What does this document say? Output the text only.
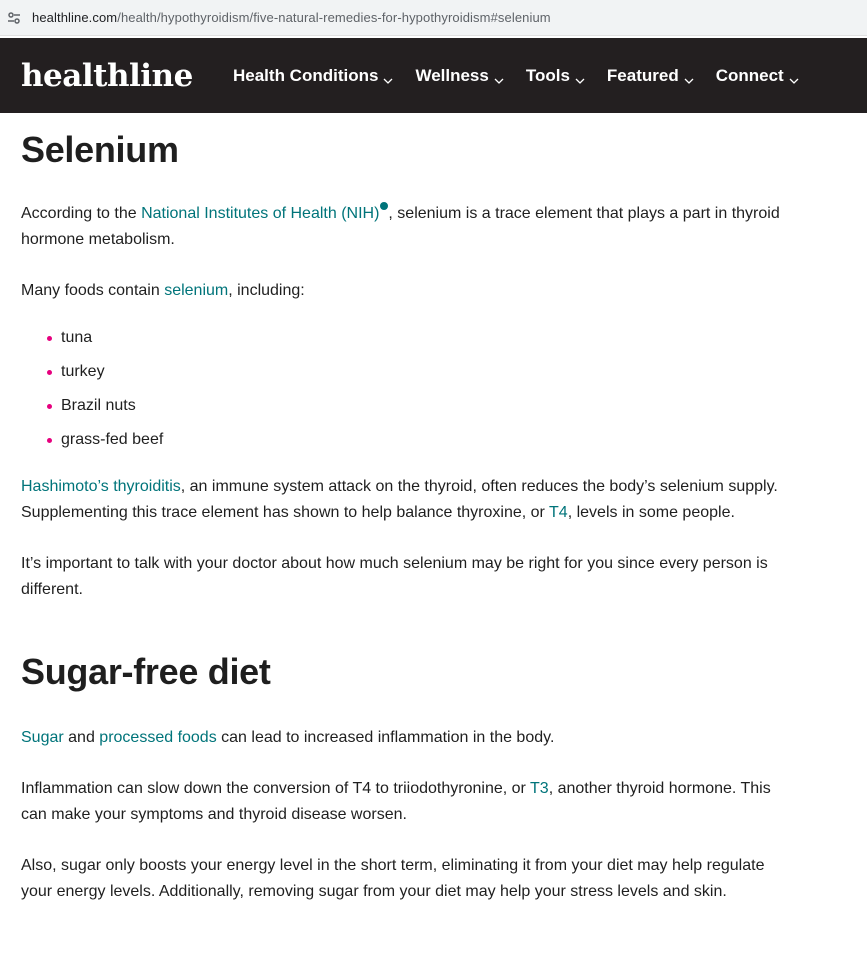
healthline.com/health/hypothyroidism/five-natural-remedies-for-hypothyroidism#selenium
healthline	Health Conditions Wellness Tools Featured Connect
Selenium

According to the National Institutes of Health (NIH) , selenium is a trace element that plays a part in thyroid hormone metabolism.

Many foods contain selenium, including:

tuna
turkey
Brazil nuts
grass-fed beef

Hashimoto’s thyroiditis, an immune system attack on the thyroid, often reduces the body’s selenium supply. Supplementing this trace element has shown to help balance thyroxine, or T4, levels in some people.

It’s important to talk with your doctor about how much selenium may be right for you since every person is different.

Sugar-free diet

Sugar and processed foods can lead to increased inflammation in the body.

Inflammation can slow down the conversion of T4 to triiodothyronine, or T3, another thyroid hormone. This can make your symptoms and thyroid disease worsen.

Also, sugar only boosts your energy level in the short term, eliminating it from your diet may help regulate your energy levels. Additionally, removing sugar from your diet may help your stress levels and skin.
